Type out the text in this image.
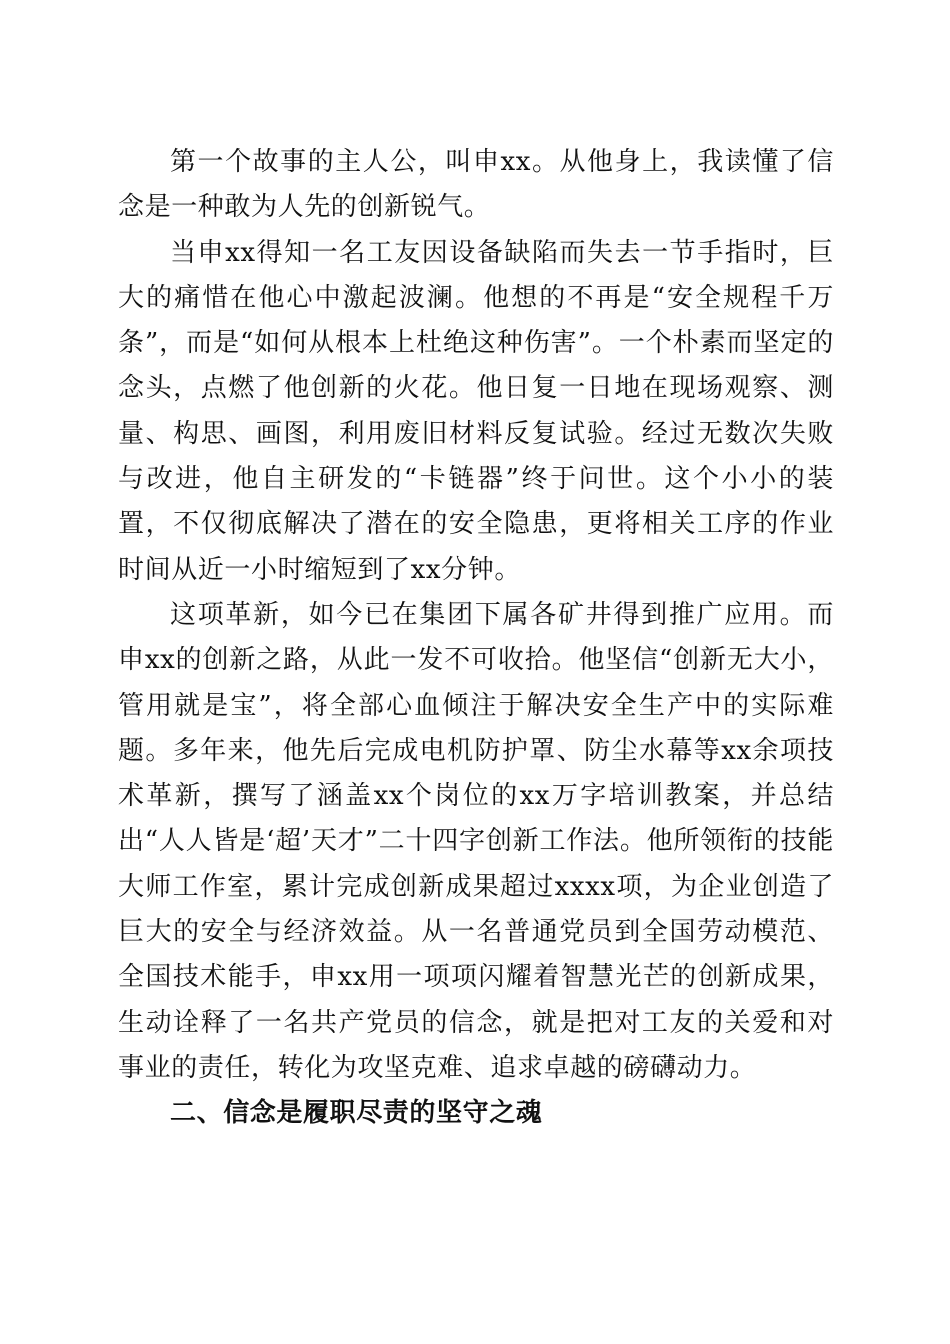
第一个故事的主人公，叫申xx。从他身上，我读懂了信念是一种敢为人先的创新锐气。

当申xx得知一名工友因设备缺陷而失去一节手指时，巨大的痛惜在他心中激起波澜。他想的不再是“安全规程千万条”，而是“如何从根本上杜绝这种伤害”。一个朴素而坚定的念头，点燃了他创新的火花。他日复一日地在现场观察、测量、构思、画图，利用废旧材料反复试验。经过无数次失败与改进，他自主研发的“卡链器”终于问世。这个小小的装置，不仅彻底解决了潜在的安全隐患，更将相关工序的作业时间从近一小时缩短到了xx分钟。

这项革新，如今已在集团下属各矿井得到推广应用。而申xx的创新之路，从此一发不可收拾。他坚信“创新无大小，管用就是宝”，将全部心血倾注于解决安全生产中的实际难题。多年来，他先后完成电机防护罩、防尘水幕等xx余项技术革新，撰写了涵盖xx个岗位的xx万字培训教案，并总结出“人人皆是‘超’天才”二十四字创新工作法。他所领衔的技能大师工作室，累计完成创新成果超过xxxx项，为企业创造了巨大的安全与经济效益。从一名普通党员到全国劳动模范、全国技术能手，申xx用一项项闪耀着智慧光芒的创新成果，生动诠释了一名共产党员的信念，就是把对工友的关爱和对事业的责任，转化为攻坚克难、追求卓越的磅礴动力。

二、信念是履职尽责的坚守之魂
